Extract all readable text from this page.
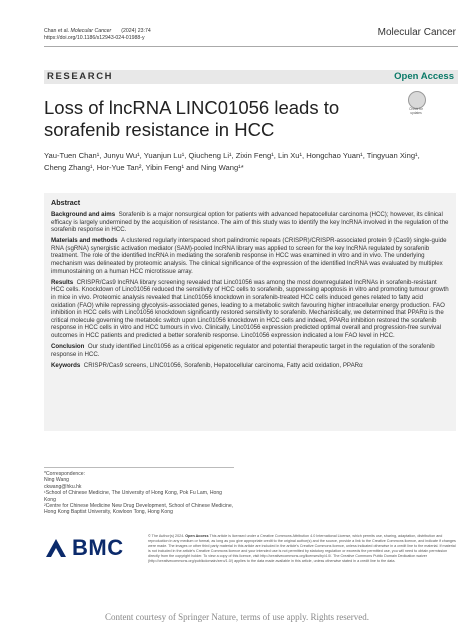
Chan et al. Molecular Cancer (2024) 23:74
https://doi.org/10.1186/s12943-024-01988-y	Molecular Cancer
RESEARCH	Open Access
Loss of lncRNA LINC01056 leads to sorafenib resistance in HCC
Check for updates
Yau-Tuen Chan¹, Junyu Wu¹, Yuanjun Lu¹, Qiucheng Li¹, Zixin Feng¹, Lin Xu¹, Hongchao Yuan¹, Tingyuan Xing¹,
Cheng Zhang¹, Hor-Yue Tan², Yibin Feng¹ and Ning Wang¹*
Abstract

Background and aims Sorafenib is a major nonsurgical option for patients with advanced hepatocellular carcinoma (HCC); however, its clinical efficacy is largely undermined by the acquisition of resistance. The aim of this study was to identify the key lncRNA involved in the regulation of the sorafenib response in HCC.

Materials and methods A clustered regularly interspaced short palindromic repeats (CRISPR)/CRISPR-associated protein 9 (Cas9) single-guide RNA (sgRNA) synergistic activation mediator (SAM)-pooled lncRNA library was applied to screen for the key lncRNA regulated by sorafenib treatment. The role of the identified lncRNA in mediating the sorafenib response in HCC was examined in vitro and in vivo. The underlying mechanism was delineated by proteomic analysis. The clinical significance of the expression of the identified lncRNA was evaluated by multiplex immunostaining on a human HCC microtissue array.

Results CRISPR/Cas9 lncRNA library screening revealed that Linc01056 was among the most downregulated lncRNAs in sorafenib-resistant HCC cells. Knockdown of Linc01056 reduced the sensitivity of HCC cells to sorafenib, suppressing apoptosis in vitro and promoting tumour growth in mice in vivo. Proteomic analysis revealed that Linc01056 knockdown in sorafenib-treated HCC cells induced genes related to fatty acid oxidation (FAO) while repressing glycolysis-associated genes, leading to a metabolic switch favouring higher intracellular energy production. FAO inhibition in HCC cells with Linc01056 knockdown significantly restored sensitivity to sorafenib. Mechanistically, we determined that PPARα is the critical molecule governing the metabolic switch upon Linc01056 knockdown in HCC cells and indeed, PPARα inhibition restored the sorafenib response in HCC cells in vitro and HCC tumours in vivo. Clinically, Linc01056 expression predicted optimal overall and progression-free survival outcomes in HCC patients and predicted a better sorafenib response. Linc01056 expression indicated a low FAO level in HCC.

Conclusion Our study identified Linc01056 as a critical epigenetic regulator and potential therapeutic target in the regulation of the sorafenib response in HCC.

Keywords CRISPR/Cas9 screens, LINC01056, Sorafenib, Hepatocellular carcinoma, Fatty acid oxidation, PPARα

*Correspondence:
Ning Wang
ckwang@hku.hk
¹School of Chinese Medicine, The University of Hong Kong, Pok Fu Lam, Hong Kong
²Centre for Chinese Medicine New Drug Development, School of Chinese Medicine, Hong Kong Baptist University, Kowloon Tong, Hong Kong
BMC	© The Author(s) 2024. Open Access This article is licensed under a Creative Commons Attribution 4.0 International License, which permits use, sharing, adaptation, distribution and reproduction in any medium or format, as long as you give appropriate credit to the original author(s) and the source, provide a link to the Creative Commons licence, and indicate if changes were made. The images or other third party material in this article are included in the article's Creative Commons licence, unless indicated otherwise in a credit line to the material. If material is not included in the article's Creative Commons licence and your intended use is not permitted by statutory regulation or exceeds the permitted use, you will need to obtain permission directly from the copyright holder. To view a copy of this licence, visit http://creativecommons.org/licenses/by/4.0/. The Creative Commons Public Domain Dedication waiver (http://creativecommons.org/publicdomain/zero/1.0/) applies to the data made available in this article, unless otherwise stated in a credit line to the data.
Content courtesy of Springer Nature, terms of use apply. Rights reserved.
